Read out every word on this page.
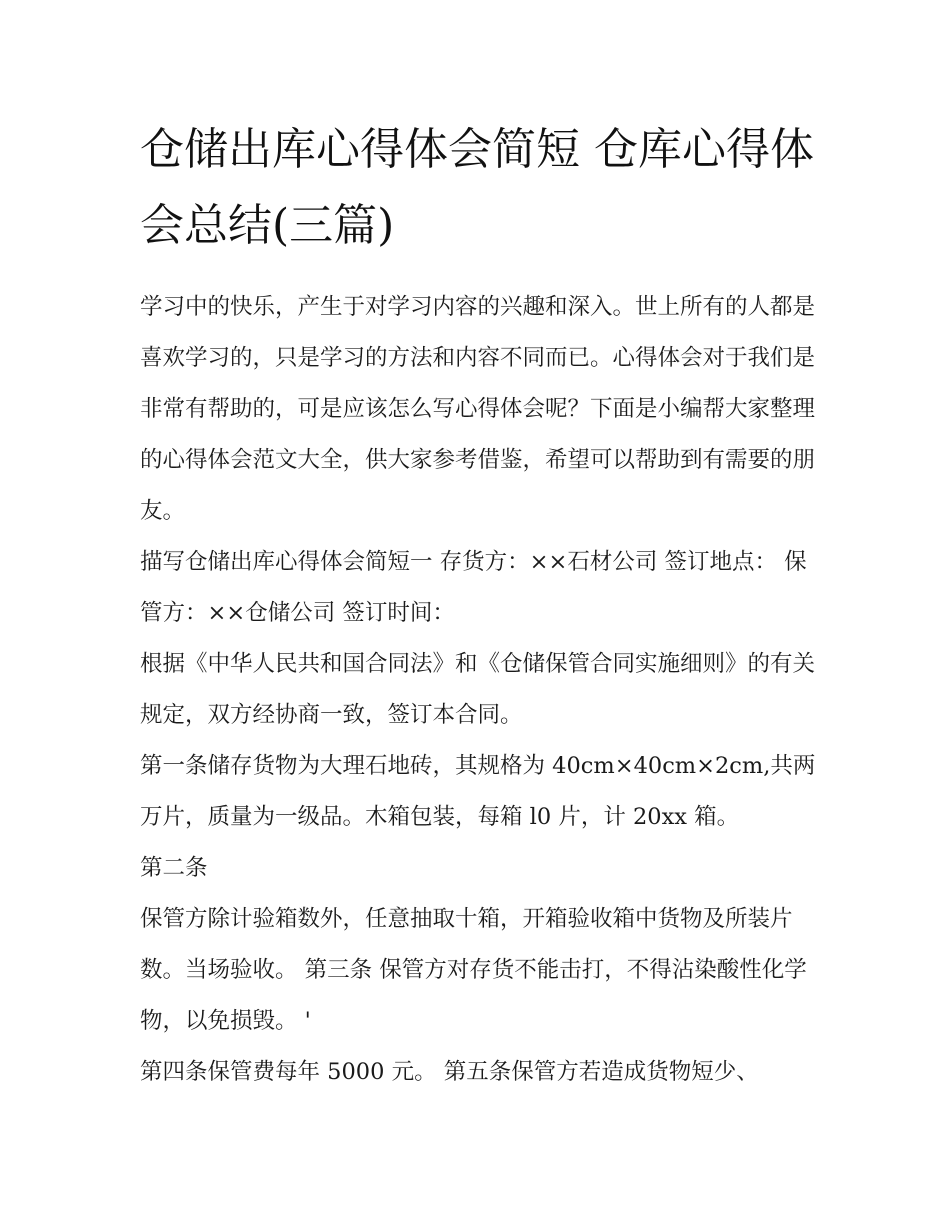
仓储出库心得体会简短 仓库心得体会总结(三篇)

学习中的快乐，产生于对学习内容的兴趣和深入。世上所有的人都是喜欢学习的，只是学习的方法和内容不同而已。心得体会对于我们是非常有帮助的，可是应该怎么写心得体会呢？下面是小编帮大家整理的心得体会范文大全，供大家参考借鉴，希望可以帮助到有需要的朋友。

描写仓储出库心得体会简短一 存货方：××石材公司 签订地点： 保管方：××仓储公司 签订时间：

根据《中华人民共和国合同法》和《仓储保管合同实施细则》的有关规定，双方经协商一致，签订本合同。

第一条储存货物为大理石地砖，其规格为 40cm×40cm×2cm,共两万片，质量为一级品。木箱包装，每箱 l0 片，计 20xx 箱。

第二条

保管方除计验箱数外，任意抽取十箱，开箱验收箱中货物及所装片数。当场验收。 第三条 保管方对存货不能击打，不得沾染酸性化学物，以免损毁。 '

第四条保管费每年 5000 元。 第五条保管方若造成货物短少、
